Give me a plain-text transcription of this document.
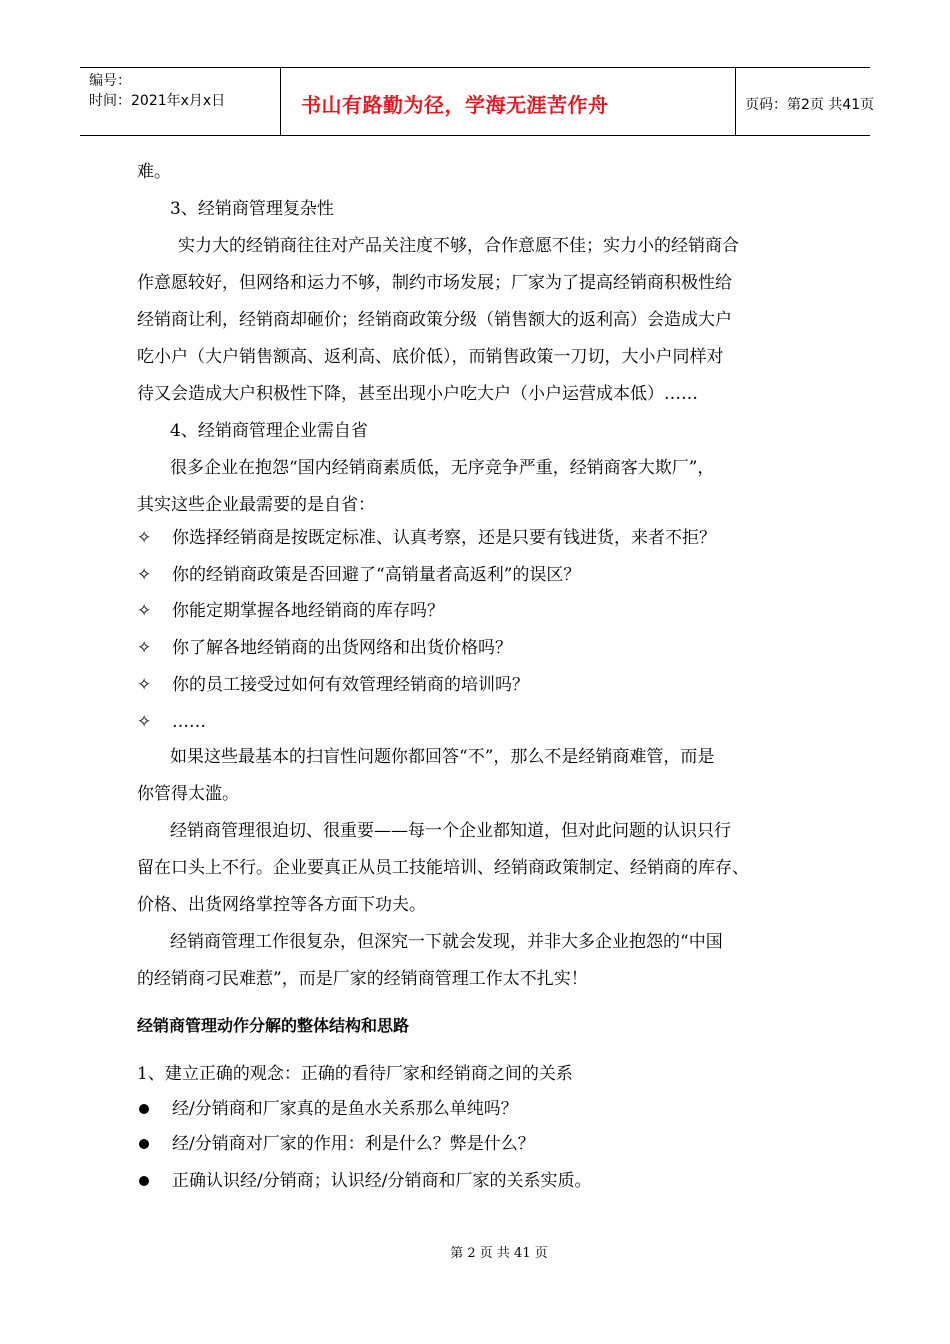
编号：
时间：2021年x月x日	书山有路勤为径，学海无涯苦作舟	页码：第2页 共41页
难。
3、经销商管理复杂性
实力大的经销商往往对产品关注度不够，合作意愿不佳；实力小的经销商合
作意愿较好，但网络和运力不够，制约市场发展；厂家为了提高经销商积极性给
经销商让利，经销商却砸价；经销商政策分级（销售额大的返利高）会造成大户
吃小户（大户销售额高、返利高、底价低），而销售政策一刀切，大小户同样对
待又会造成大户积极性下降，甚至出现小户吃大户（小户运营成本低）……
4、经销商管理企业需自省
很多企业在抱怨“国内经销商素质低，无序竞争严重，经销商客大欺厂”，
其实这些企业最需要的是自省：
✧ 你选择经销商是按既定标准、认真考察，还是只要有钱进货，来者不拒？
✧ 你的经销商政策是否回避了“高销量者高返利”的误区？
✧ 你能定期掌握各地经销商的库存吗？
✧ 你了解各地经销商的出货网络和出货价格吗？
✧ 你的员工接受过如何有效管理经销商的培训吗？
✧ ……
如果这些最基本的扫盲性问题你都回答“不”，那么不是经销商难管，而是
你管得太滥。
经销商管理很迫切、很重要——每一个企业都知道，但对此问题的认识只行
留在口头上不行。企业要真正从员工技能培训、经销商政策制定、经销商的库存、
价格、出货网络掌控等各方面下功夫。
经销商管理工作很复杂，但深究一下就会发现，并非大多企业抱怨的“中国
的经销商刁民难惹”，而是厂家的经销商管理工作太不扎实！
经销商管理动作分解的整体结构和思路
1、建立正确的观念：正确的看待厂家和经销商之间的关系
经/分销商和厂家真的是鱼水关系那么单纯吗？
经/分销商对厂家的作用：利是什么？弊是什么？
正确认识经/分销商；认识经/分销商和厂家的关系实质。
第 2 页 共 41 页
